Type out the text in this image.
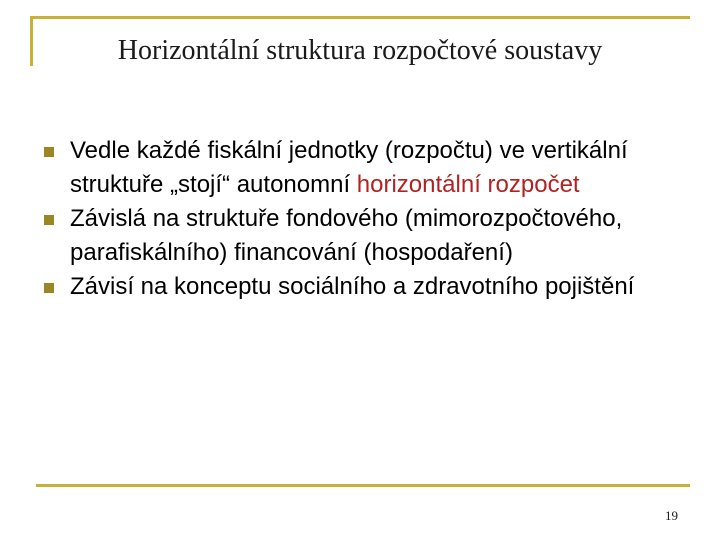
Horizontální struktura rozpočtové soustavy
Vedle každé fiskální jednotky (rozpočtu) ve vertikální struktuře „stojí“ autonomní horizontální rozpočet
Závislá na struktuře fondového (mimorozpočtového, parafiskálního) financování (hospodaření)
Závisí na konceptu sociálního a zdravotního pojištění
19
